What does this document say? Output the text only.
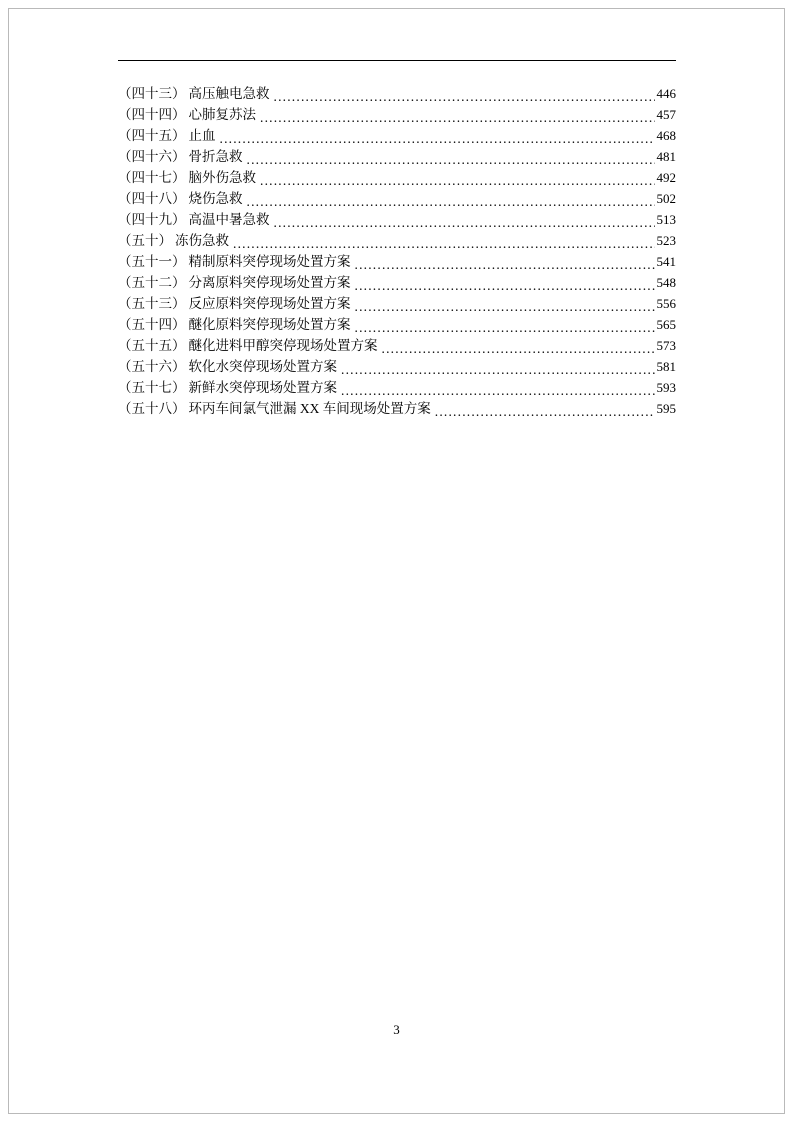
（四十三） 高压触电急救 .....	446
（四十四） 心肺复苏法 .....	457
（四十五） 止血 .....	468
（四十六） 骨折急救 .....	481
（四十七） 脑外伤急救 .....	492
（四十八） 烧伤急救 .....	502
（四十九） 高温中暑急救 .....	513
（五十） 冻伤急救 .....	523
（五十一） 精制原料突停现场处置方案 .....	541
（五十二） 分离原料突停现场处置方案 .....	548
（五十三） 反应原料突停现场处置方案 .....	556
（五十四） 醚化原料突停现场处置方案 .....	565
（五十五） 醚化进料甲醇突停现场处置方案 .....	573
（五十六） 软化水突停现场处置方案 .....	581
（五十七） 新鲜水突停现场处置方案 .....	593
（五十八） 环丙车间氯气泄漏 XX 车间现场处置方案 .....	595
3
